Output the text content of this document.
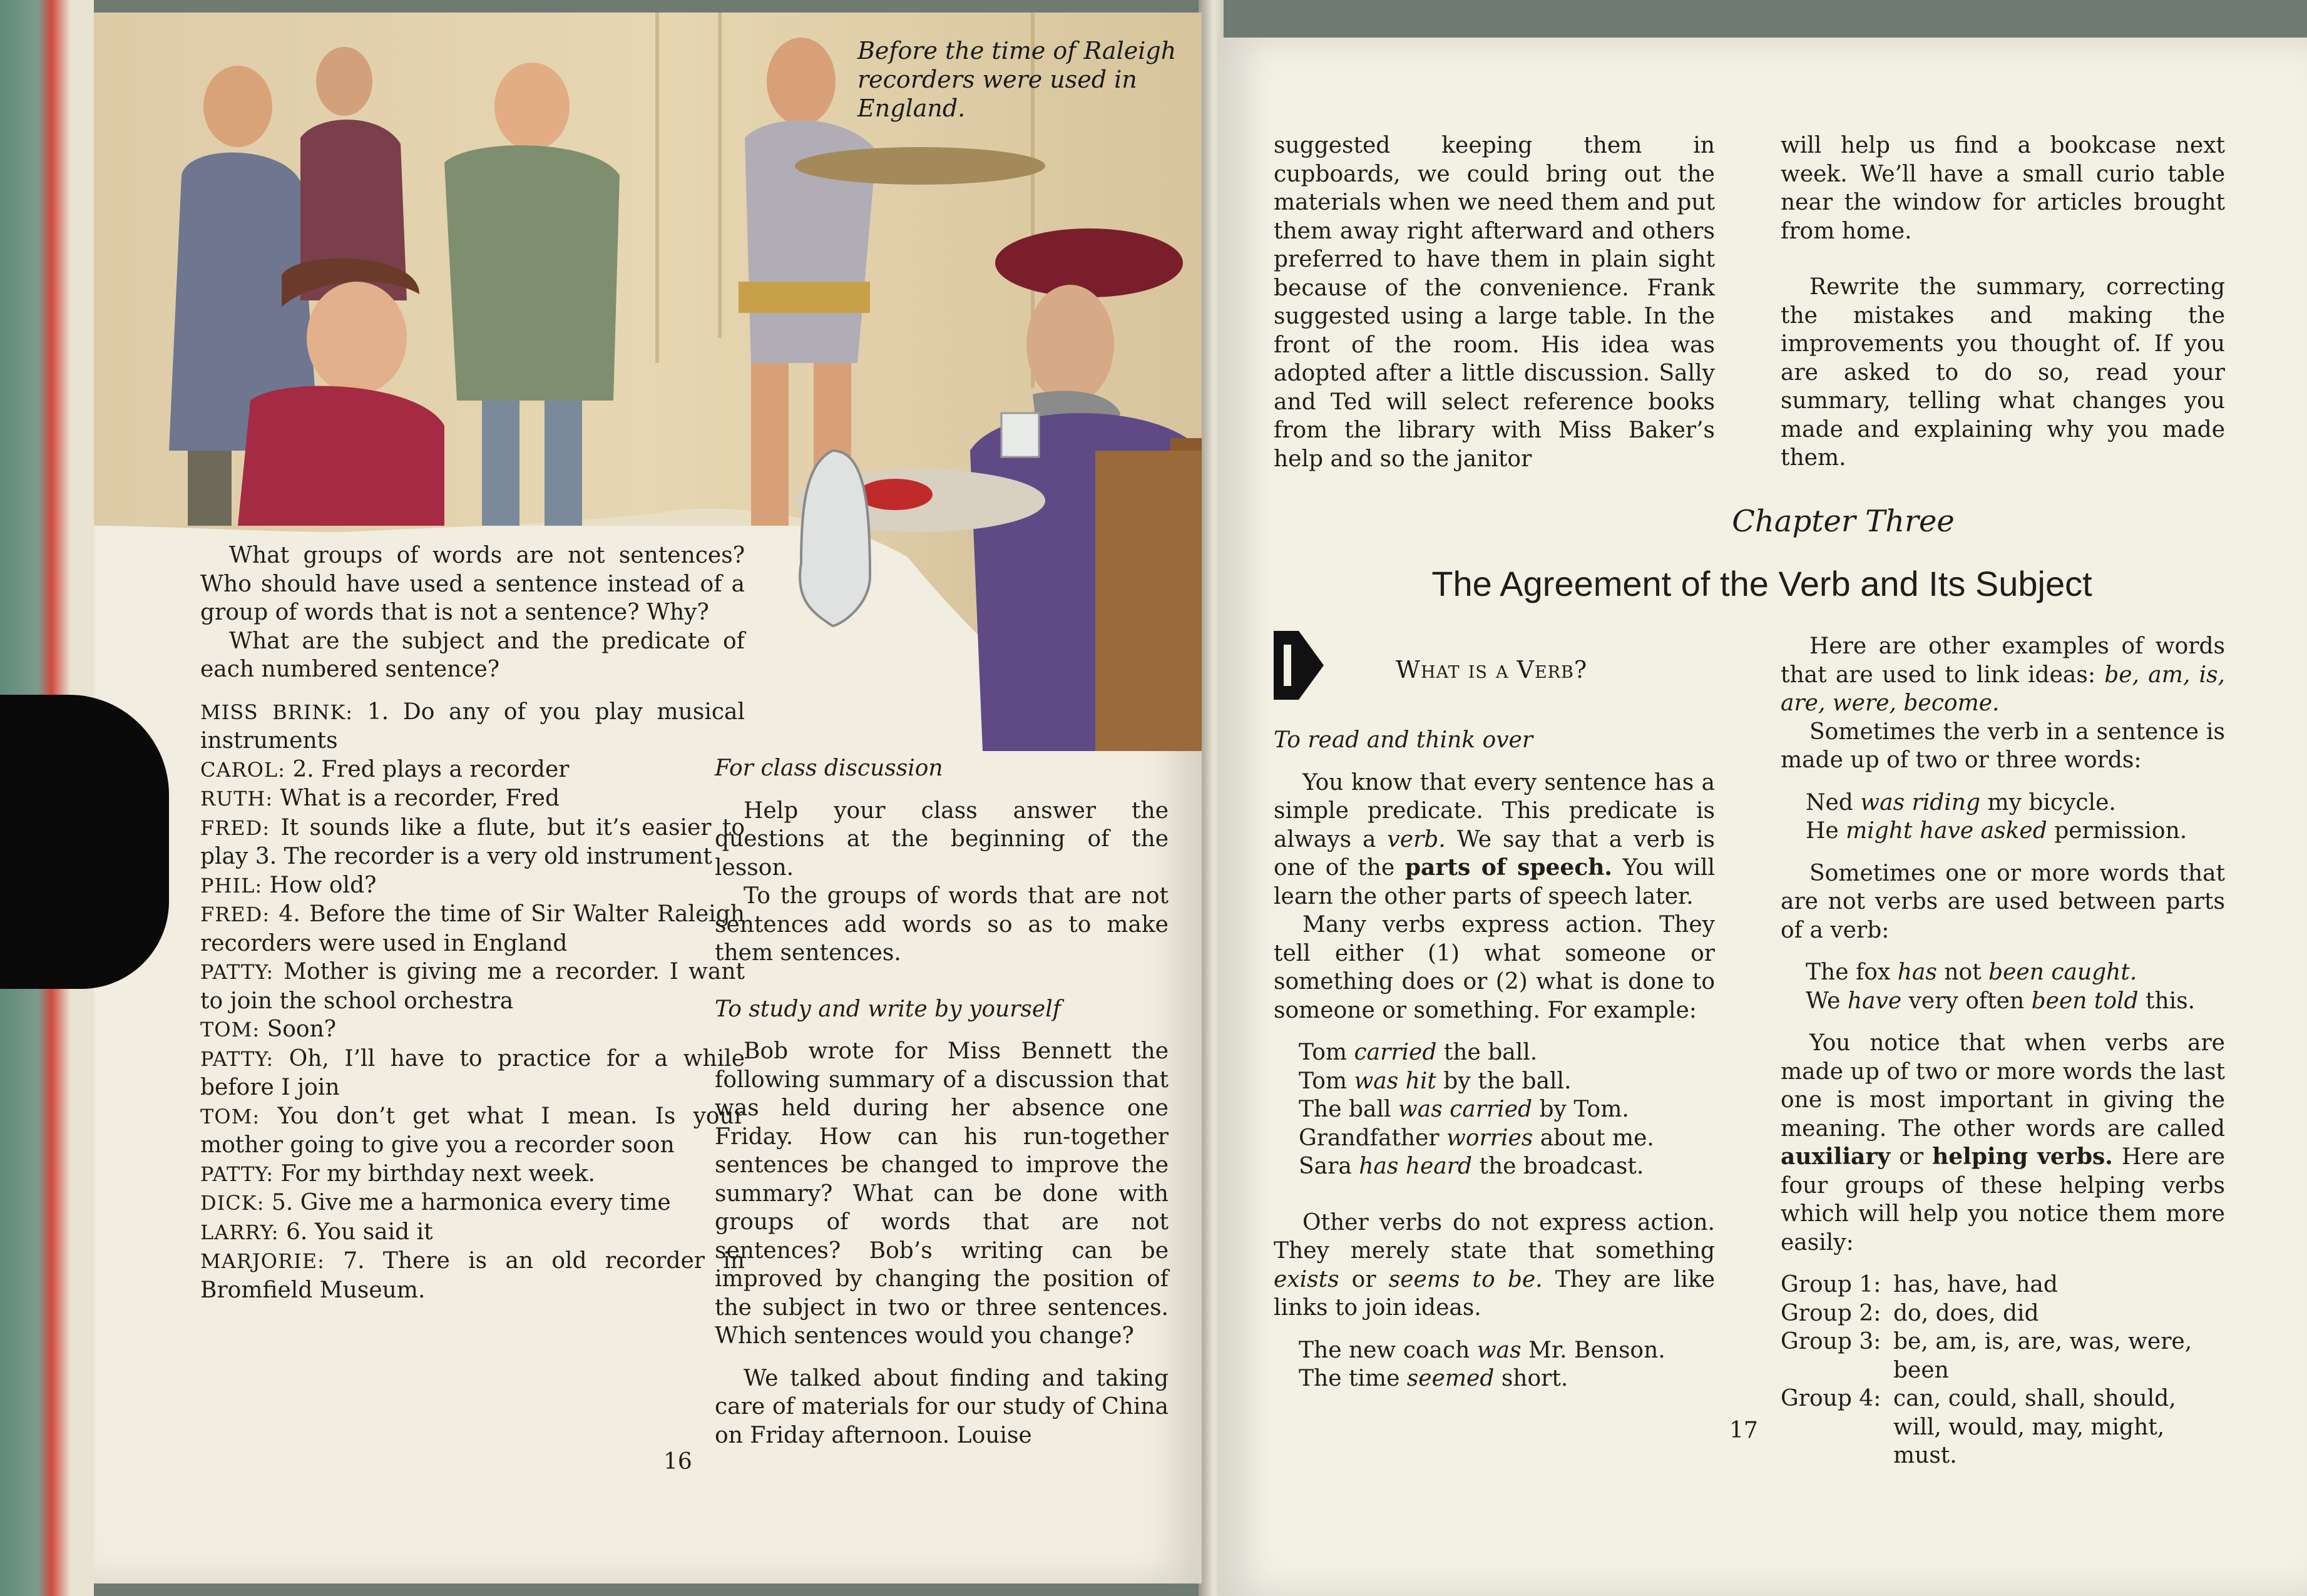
Before the time of Raleigh
recorders were used in England.

What groups of words are not sentences? Who should have used a sentence instead of a group of words that is not a sentence? Why?

What are the subject and the predicate of each numbered sentence?

MISS BRINK: 1. Do any of you play musical instruments

CAROL: 2. Fred plays a recorder

RUTH: What is a recorder, Fred

FRED: It sounds like a flute, but it’s easier to play 3. The recorder is a very old instrument

PHIL: How old?

FRED: 4. Before the time of Sir Walter Raleigh recorders were used in England

PATTY: Mother is giving me a recorder. I want to join the school orchestra

TOM: Soon?

PATTY: Oh, I’ll have to practice for a while before I join

TOM: You don’t get what I mean. Is your mother going to give you a recorder soon

PATTY: For my birthday next week.

DICK: 5. Give me a harmonica every time

LARRY: 6. You said it

MARJORIE: 7. There is an old recorder in Bromfield Museum.

For class discussion

Help your class answer the questions at the beginning of the lesson.

To the groups of words that are not sentences add words so as to make them sentences.

To study and write by yourself

Bob wrote for Miss Bennett the following summary of a discussion that was held during her absence one Friday. How can his run-together sentences be changed to improve the summary? What can be done with groups of words that are not sentences? Bob’s writing can be improved by changing the position of the subject in two or three sentences. Which sentences would you change?

We talked about finding and taking care of materials for our study of China on Friday afternoon. Louise

16

suggested keeping them in cupboards, we could bring out the materials when we need them and put them away right afterward and others preferred to have them in plain sight because of the convenience. Frank suggested using a large table. In the front of the room. His idea was adopted after a little discussion. Sally and Ted will select reference books from the library with Miss Baker’s help and so the janitor

will help us find a bookcase next week. We’ll have a small curio table near the window for articles brought from home.

Rewrite the summary, correcting the mistakes and making the improvements you thought of. If you are asked to do so, read your summary, telling what changes you made and explaining why you made them.

Chapter Three
The Agreement of the Verb and Its Subject
What is a Verb?

To read and think over

You know that every sentence has a simple predicate. This predicate is always a verb. We say that a verb is one of the parts of speech. You will learn the other parts of speech later.

Many verbs express action. They tell either (1) what someone or something does or (2) what is done to someone or something. For example:

Tom carried the ball.

Tom was hit by the ball.

The ball was carried by Tom.

Grandfather worries about me.

Sara has heard the broadcast.

Other verbs do not express action. They merely state that something exists or seems to be. They are like links to join ideas.

The new coach was Mr. Benson.

The time seemed short.

Here are other examples of words that are used to link ideas: be, am, is, are, were, become.

Sometimes the verb in a sentence is made up of two or three words:

Ned was riding my bicycle.

He might have asked permission.

Sometimes one or more words that are not verbs are used between parts of a verb:

The fox has not been caught.

We have very often been told this.

You notice that when verbs are made up of two or more words the last one is most important in giving the meaning. The other words are called auxiliary or helping verbs. Here are four groups of these helping verbs which will help you notice them more easily:

Group 1: has, have, had
Group 2: do, does, did
Group 3: be, am, is, are, was, were, been
Group 4: can, could, shall, should, will, would, may, might, must.
17
